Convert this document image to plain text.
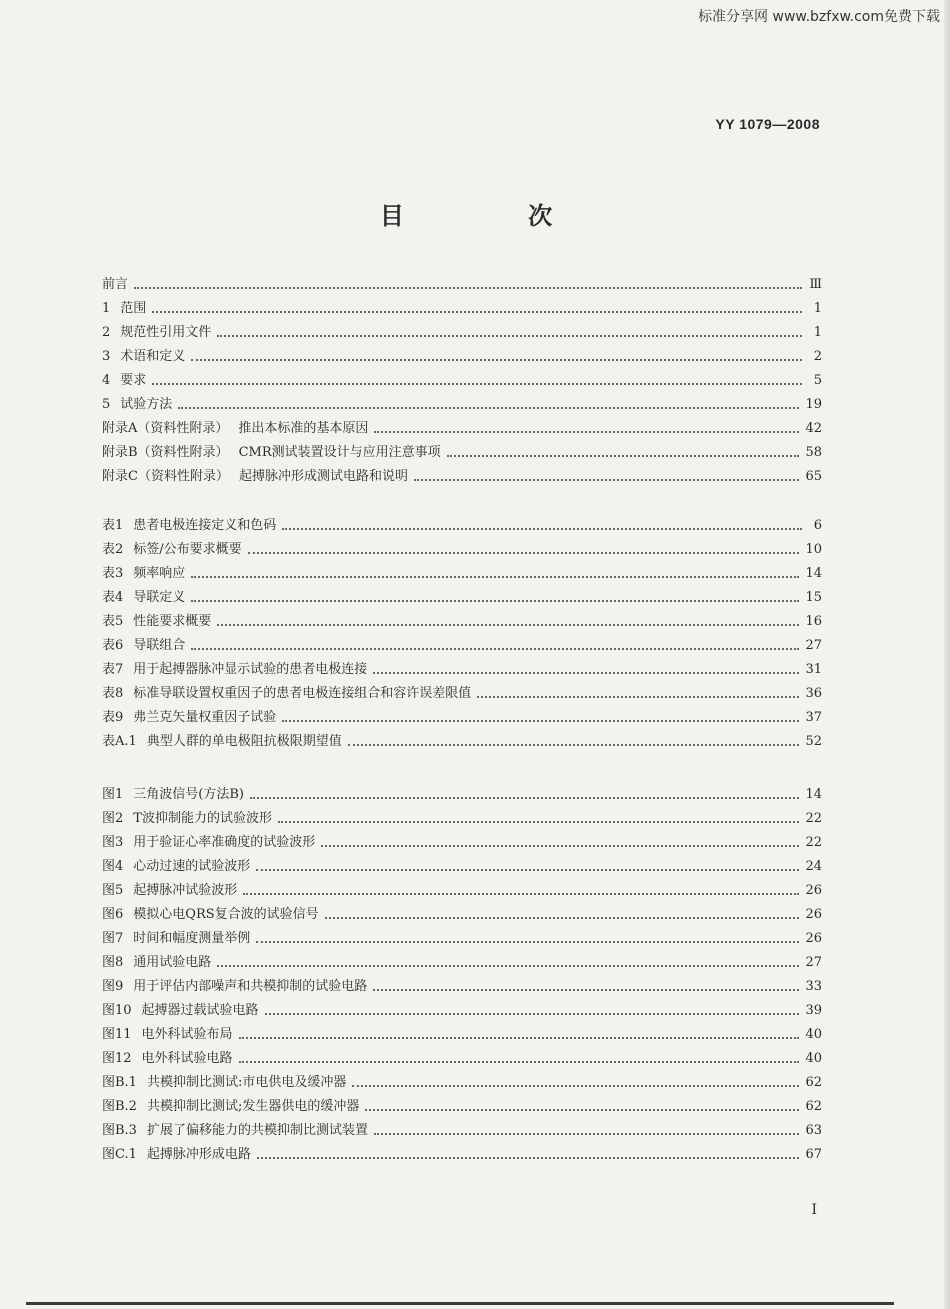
标准分享网 www.bzfxw.com免费下载
YY 1079—2008
目 次
前言	Ⅲ
1 范围	1
2 规范性引用文件	1
3 术语和定义	2
4 要求	5
5 试验方法	19
附录A（资料性附录） 推出本标准的基本原因	42
附录B（资料性附录） CMR测试装置设计与应用注意事项	58
附录C（资料性附录） 起搏脉冲形成测试电路和说明	65
表1 患者电极连接定义和色码	6
表2 标签/公布要求概要	10
表3 频率响应	14
表4 导联定义	15
表5 性能要求概要	16
表6 导联组合	27
表7 用于起搏器脉冲显示试验的患者电极连接	31
表8 标准导联设置权重因子的患者电极连接组合和容许误差限值	36
表9 弗兰克矢量权重因子试验	37
表A.1 典型人群的单电极阻抗极限期望值	52
图1 三角波信号(方法B)	14
图2 T波抑制能力的试验波形	22
图3 用于验证心率准确度的试验波形	22
图4 心动过速的试验波形	24
图5 起搏脉冲试验波形	26
图6 模拟心电QRS复合波的试验信号	26
图7 时间和幅度测量举例	26
图8 通用试验电路	27
图9 用于评估内部噪声和共模抑制的试验电路	33
图10 起搏器过载试验电路	39
图11 电外科试验布局	40
图12 电外科试验电路	40
图B.1 共模抑制比测试:市电供电及缓冲器	62
图B.2 共模抑制比测试;发生器供电的缓冲器	62
图B.3 扩展了偏移能力的共模抑制比测试装置	63
图C.1 起搏脉冲形成电路	67
I
